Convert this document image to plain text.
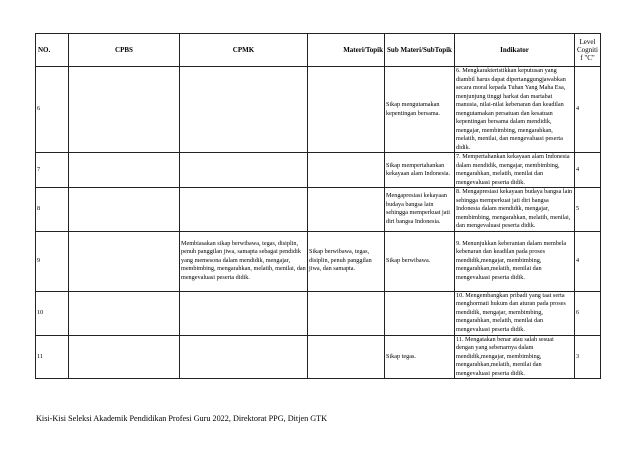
NO.	CPBS	CPMK	Materi/Topik	Sub Materi/SubTopik	Indikator	Level Cognitif "C"
6				Sikap mengutamakan kepentingan bersama.	6. Mengkarakteristikkan keputusan yang diambil harus dapat dipertanggungjawabkan secara moral kepada Tuhan Yang Maha Esa, menjunjung tinggi harkat dan martabat manusia, nilai-nilai kebenaran dan keadilan mengutamakan persatuan dan kesatuan kepentingan bersama dalam mendidik, mengajar, membimbing, mengarahkan, melatih, menilai, dan mengevaluasi peserta didik.	4
7				Sikap mempertahankan kekayaan alam Indonesia.	7. Mempertahankan kekayaan alam Indonesia dalam mendidik, mengajar, membimbing, mengarahkan, melatih, menilai dan mengevaluasi peserta didik.	4
8				Mengapresiasi kekayaan budaya bangsa lain sehingga memperkuat jati diri bangsa Indonesia.	8. Mengapresiasi kekayaan budaya bangsa lain sehingga memperkuat jati diri bangsa Indonesia dalam mendidik, mengajar, membimbing, mengarahkan, melatih, menilai, dan mengevaluasi peserta didik.	5
9		Membiasakan sikap berwibawa, tegas, disiplin, penuh panggilan jiwa, samapta sebagai pendidik yang memesona dalam mendidik, mengajar, membimbing, mengarahkan, melatih, menilai, dan mengevaluasi peserta didik.	Sikap berwibawa, tegas, disiplin, penuh panggilan jiwa, dan samapta.	Sikap berwibawa.	9. Menunjukkan keberanian dalam membela kebenaran dan keadilan pada proses mendidik,mengajar, membimbing, mengarahkan,melatih, menilai dan mengevaluasi peserta didik.	4
10					10. Mengembangkan pribadi yang taat serta menghormati hukum dan aturan pada proses mendidik, mengajar, membimbing, mengarahkan, melatih, menilai dan mengevaluasi peserta didik.	6
11				Sikap tegas.	11. Mengatakan benar atau salah sesuai dengan yang sebenarnya dalam mendidik,mengajar, membimbing, mengarahkan,melatih, menilai dan mengevaluasi peserta didik.	3
Kisi-Kisi Seleksi Akademik Pendidikan Profesi Guru 2022, Direktorat PPG, Ditjen GTK
